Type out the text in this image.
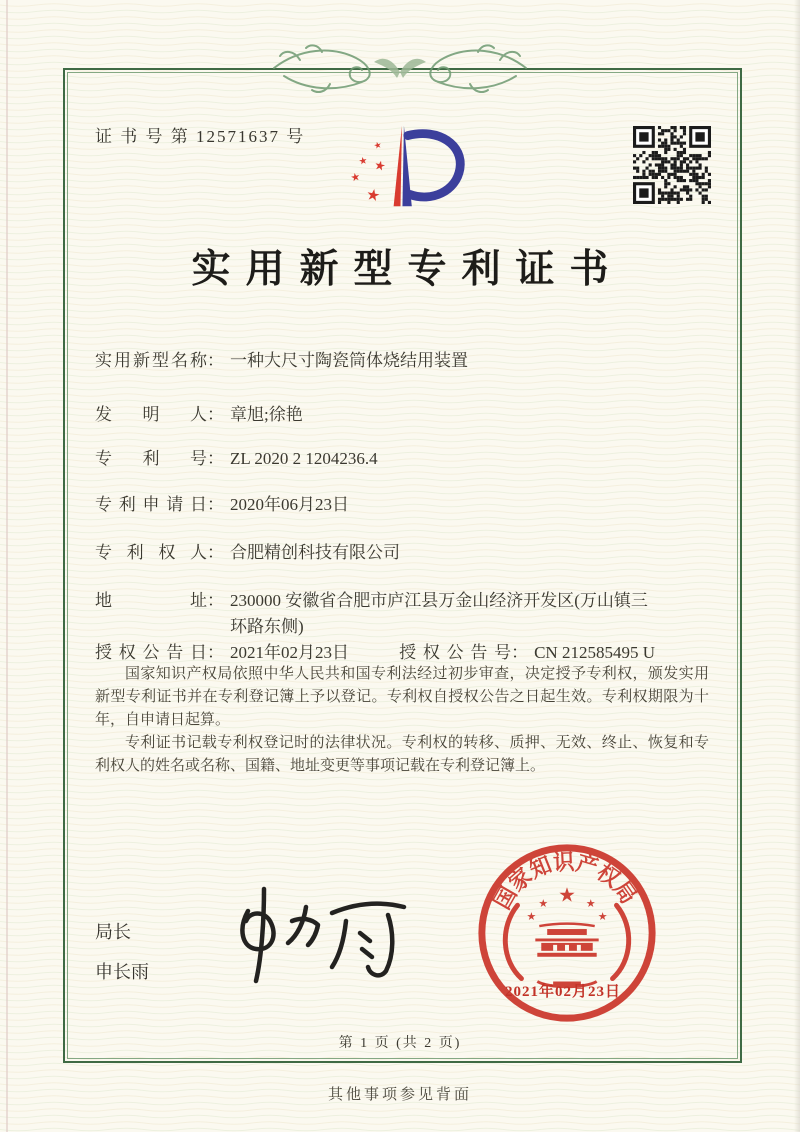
证 书 号 第 12571637 号
★
★ ★
★
★
实用新型专利证书
实用新型名称 ： 一种大尺寸陶瓷筒体烧结用装置
发明人 ： 章旭;徐艳
专利号 ： ZL 2020 2 1204236.4
专利申请日 ： 2020年06月23日
专利权人 ： 合肥精创科技有限公司
地址 ： 230000 安徽省合肥市庐江县万金山经济开发区(万山镇三环路东侧)
授权公告日 ： 2021年02月23日	授权公告号 ： CN 212585495 U

国家知识产权局依照中华人民共和国专利法经过初步审查，决定授予专利权，颁发实用新型专利证书并在专利登记簿上予以登记。专利权自授权公告之日起生效。专利权期限为十年，自申请日起算。

专利证书记载专利权登记时的法律状况。专利权的转移、质押、无效、终止、恢复和专利权人的姓名或名称、国籍、地址变更等事项记载在专利登记簿上。

局长
申长雨
国家知识产权局
★
★
★
★
★
2021年02月23日
第 1 页 (共 2 页)
其他事项参见背面
